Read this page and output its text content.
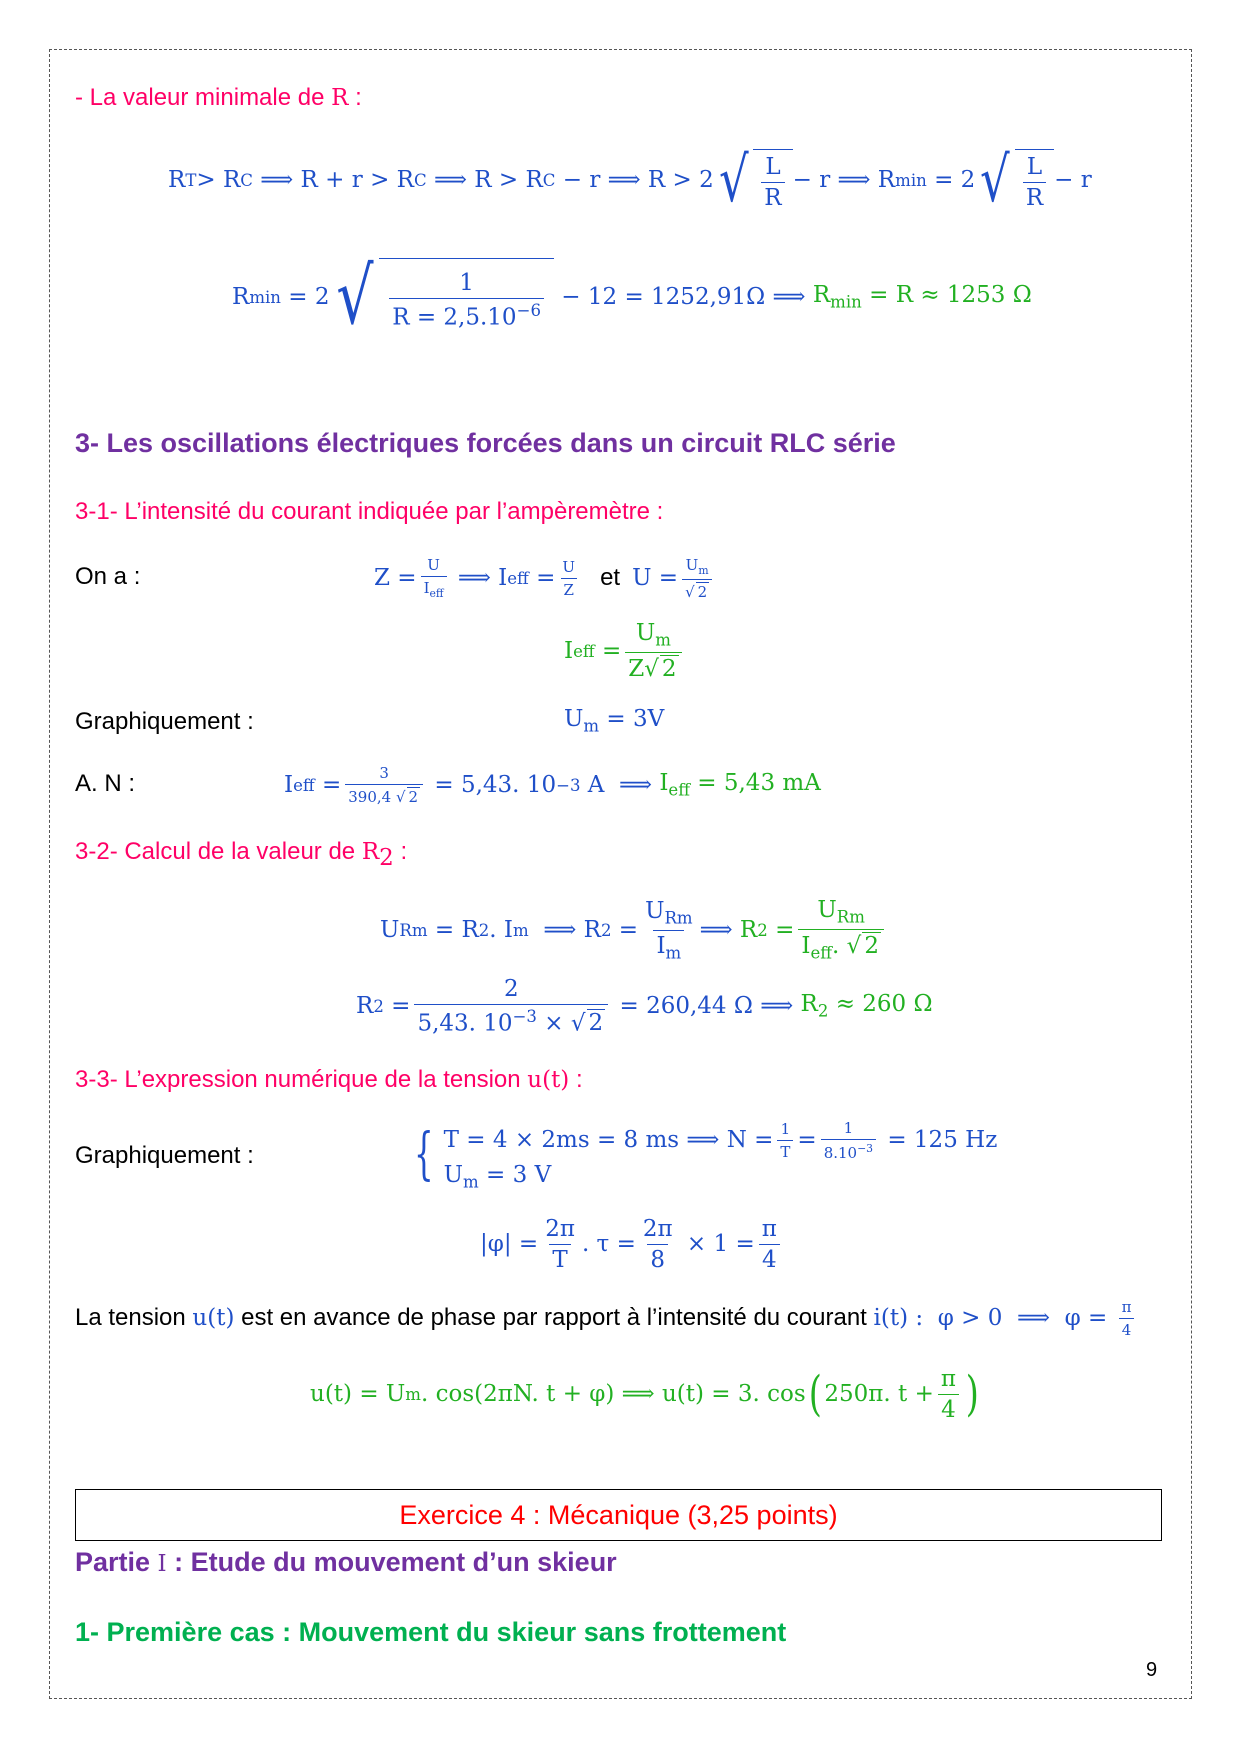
- La valeur minimale de R :
R T > R C ⟹ R + r > R C ⟹ R > R C − r ⟹ R > 2 √ $\frac{L}{R} - r$ ⟹ R min = 2 √ $\frac{L}{R} - r$
R min = 2 √ $\frac{1}{R = 2,5.10^{-6}} - 12 = 1252,91\Omega$ ⟹ $R_{min} = R \approx 1253$ Ω
3- Les oscillations électriques forcées dans un circuit RLC série
3-1- L’intensité du courant indiquée par l’ampèremètre :
On a :	$Z = \frac{U}{I_{eff}}$ ⟹ I eff = $\frac{U}{Z}$ et $U = \frac{U_m}{√ 2}$
I eff = $\frac{U_m}{Z√ 2}$
Graphiquement :	$U_m = 3V$
A. N :	I eff = $\frac{3}{390,4 √ 2} = 5,43$. 10 −3 A  ⟹ $I_{eff} = 5,43$ mA
3-2- Calcul de la valeur de $R_2$ :
U Rm = R 2 . I m ⟹ R $2 = \frac{U_{Rm}}{I_m}$ ⟹ R $2 = \frac{U_{Rm}}{I_{eff}. √ 2}$
R $2 = \frac{2}{5,43. 10^{-3} \times √ 2} = 260,44$ Ω ⟹ $R_2 \approx 260$ Ω
3-3- L’expression numérique de la tension u(t) :
Graphiquement :	{ T = 4 × 2ms = 8 ms ⟹ $N = \frac{1}{T} = \frac{1}{8.10^{-3}} = 125$ Hz
$U_m = 3$ V
$|\varphi| = \frac{2\pi}{T}$ . $\tau = \frac{2\pi}{8} \times 1 = \frac{\pi}{4}$
La tension u(t) est en avance de phase par rapport à l’intensité du courant i(t) :  φ > 0  ⟹  $\varphi = \frac{\pi}{4}$
u(t) = U m . cos(2πN. t + φ) ⟹ u(t) = 3. cos ( 250π. $t + \frac{\pi}{4}$ )
Exercice 4 : Mécanique (3,25 points)
Partie I : Etude du mouvement d’un skieur
1- Première cas : Mouvement du skieur sans frottement
9
